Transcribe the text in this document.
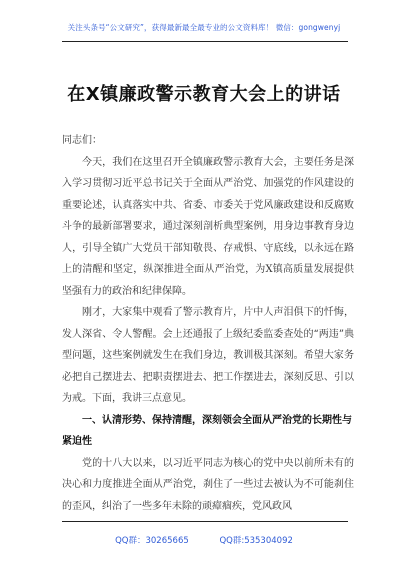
关注头条号“公文研究”，获得最新最全最专业的公文资料库！ 微信：gongwenyj
在X镇廉政警示教育大会上的讲话

同志们：

今天，我们在这里召开全镇廉政警示教育大会，主要任务是深入学习贯彻习近平总书记关于全面从严治党、加强党的作风建设的重要论述，认真落实中共、省委、市委关于党风廉政建设和反腐败斗争的最新部署要求，通过深刻剖析典型案例，用身边事教育身边人，引导全镇广大党员干部知敬畏、存戒惧、守底线，以永远在路上的清醒和坚定，纵深推进全面从严治党，为X镇高质量发展提供坚强有力的政治和纪律保障。

刚才，大家集中观看了警示教育片，片中人声泪俱下的忏悔，发人深省、令人警醒。会上还通报了上级纪委监委查处的“两违”典型问题，这些案例就发生在我们身边，教训极其深刻。希望大家务必把自己摆进去、把职责摆进去、把工作摆进去，深刻反思、引以为戒。下面，我讲三点意见。

一、认清形势、保持清醒，深刻领会全面从严治党的长期性与紧迫性

党的十八大以来，以习近平同志为核心的党中央以前所未有的决心和力度推进全面从严治党，刹住了一些过去被认为不可能刹住的歪风，纠治了一些多年未除的顽瘴痼疾，党风政风

QQ群：30265665	QQ群:535304092
